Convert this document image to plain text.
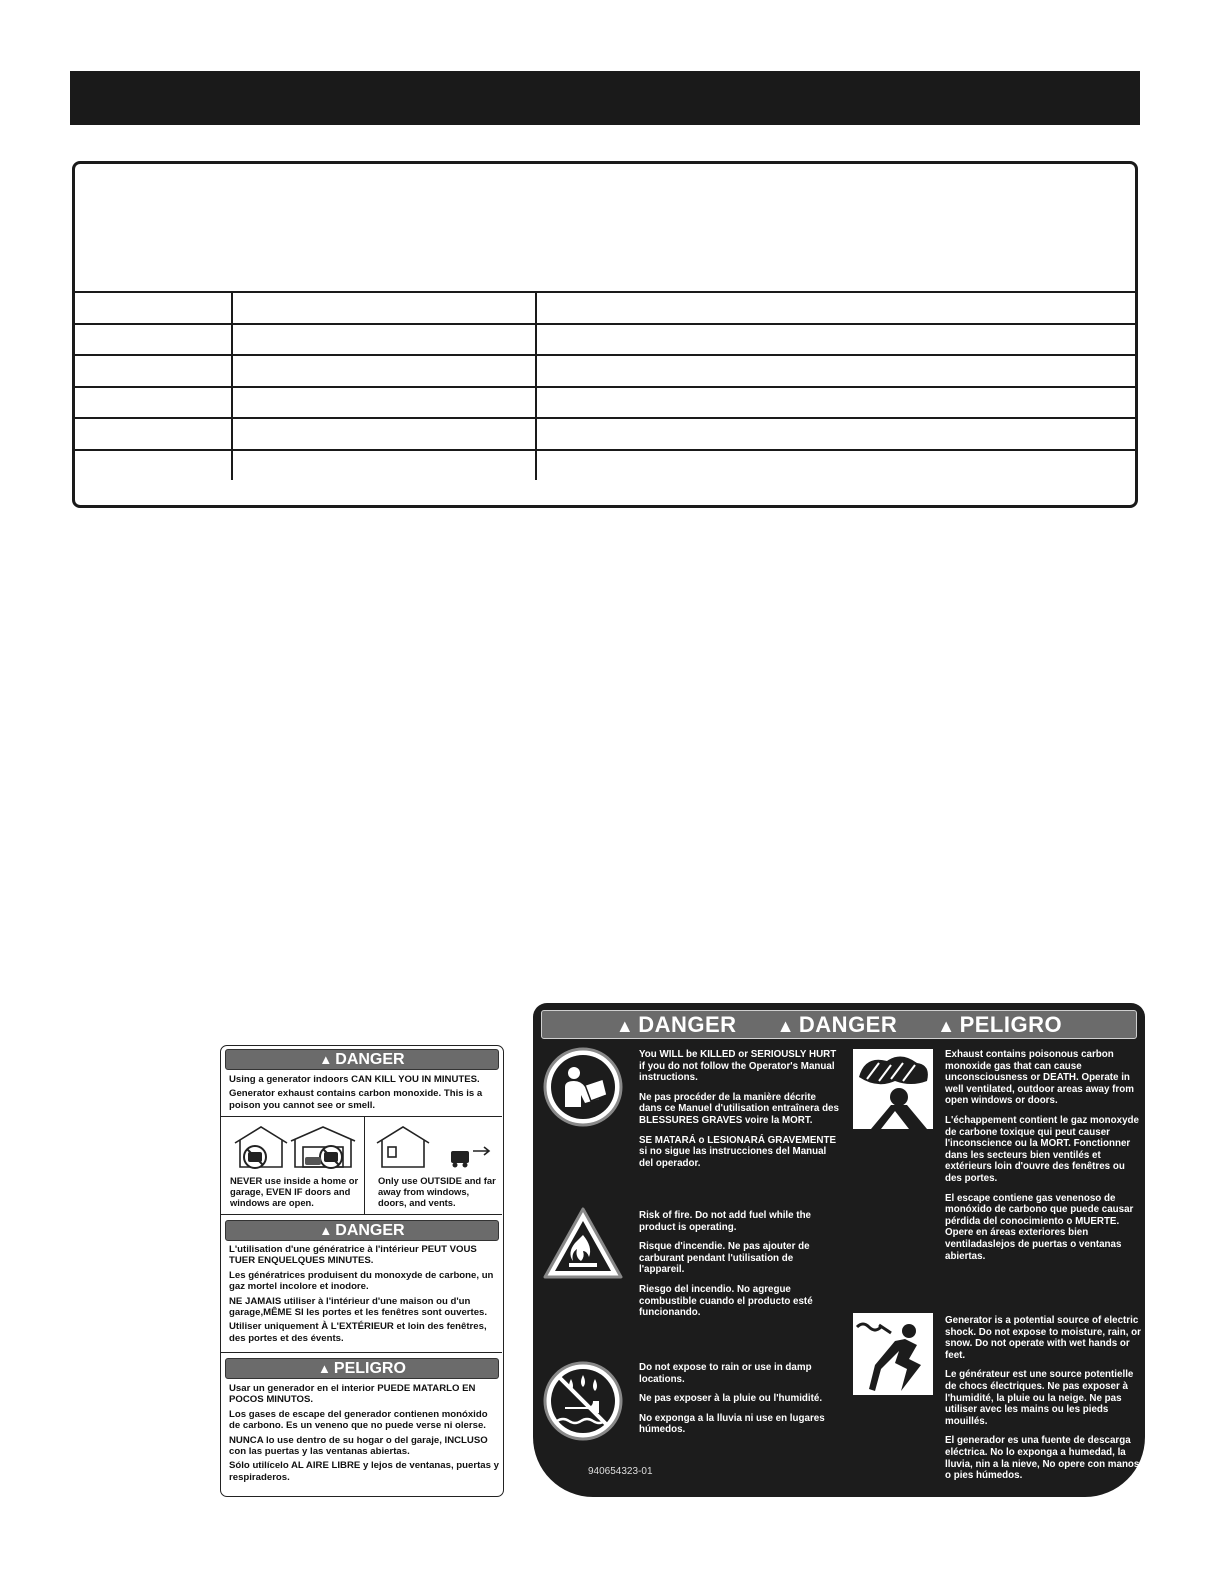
▲ DANGER

Using a generator indoors CAN KILL YOU IN MINUTES.

Generator exhaust contains carbon monoxide. This is a poison you cannot see or smell.

NEVER use inside a home or garage, EVEN IF doors and windows are open.
Only use OUTSIDE and far away from windows, doors, and vents.
▲ DANGER

L'utilisation d'une génératrice à l'intérieur PEUT VOUS TUER ENQUELQUES MINUTES.

Les génératrices produisent du monoxyde de carbone, un gaz mortel incolore et inodore.

NE JAMAIS utiliser à l'intérieur d'une maison ou d'un garage,MÊME SI les portes et les fenêtres sont ouvertes.

Utiliser uniquement À L'EXTÉRIEUR et loin des fenêtres, des portes et des évents.

▲ PELIGRO

Usar un generador en el interior PUEDE MATARLO EN POCOS MINUTOS.

Los gases de escape del generador contienen monóxido de carbono. Es un veneno que no puede verse ni olerse.

NUNCA lo use dentro de su hogar o del garaje, INCLUSO con las puertas y las ventanas abiertas.

Sólo utilícelo AL AIRE LIBRE y lejos de ventanas, puertas y respiraderos.

▲ DANGER ▲ DANGER ▲ PELIGRO

You WILL be KILLED or SERIOUSLY HURT if you do not follow the Operator's Manual instructions.

Ne pas procéder de la manière décrite dans ce Manuel d'utilisation entraînera des BLESSURES GRAVES voire la MORT.

SE MATARÁ o LESIONARÁ GRAVEMENTE si no sigue las instrucciones del Manual del operador.

Risk of fire. Do not add fuel while the product is operating.

Risque d'incendie. Ne pas ajouter de carburant pendant l'utilisation de l'appareil.

Riesgo del incendio. No agregue combustible cuando el producto esté funcionando.

Do not expose to rain or use in damp locations.

Ne pas exposer à la pluie ou l'humidité.

No exponga a la lluvia ni use en lugares húmedos.

Exhaust contains poisonous carbon monoxide gas that can cause unconsciousness or DEATH. Operate in well ventilated, outdoor areas away from open windows or doors.

L'échappement contient le gaz monoxyde de carbone toxique qui peut causer l'inconscience ou la MORT. Fonctionner dans les secteurs bien ventilés et extérieurs loin d'ouvre des fenêtres ou des portes.

El escape contiene gas venenoso de monóxido de carbono que puede causar pérdida del conocimiento o MUERTE. Opere en áreas exteriores bien ventiladaslejos de puertas o ventanas abiertas.

Generator is a potential source of electric shock. Do not expose to moisture, rain, or snow. Do not operate with wet hands or feet.

Le générateur est une source potentielle de chocs électriques. Ne pas exposer à l'humidité, la pluie ou la neige. Ne pas utiliser avec les mains ou les pieds mouillés.

El generador es una fuente de descarga eléctrica. No lo exponga a humedad, la lluvia, nin a la nieve, No opere con manos o pies húmedos.

940654323-01
